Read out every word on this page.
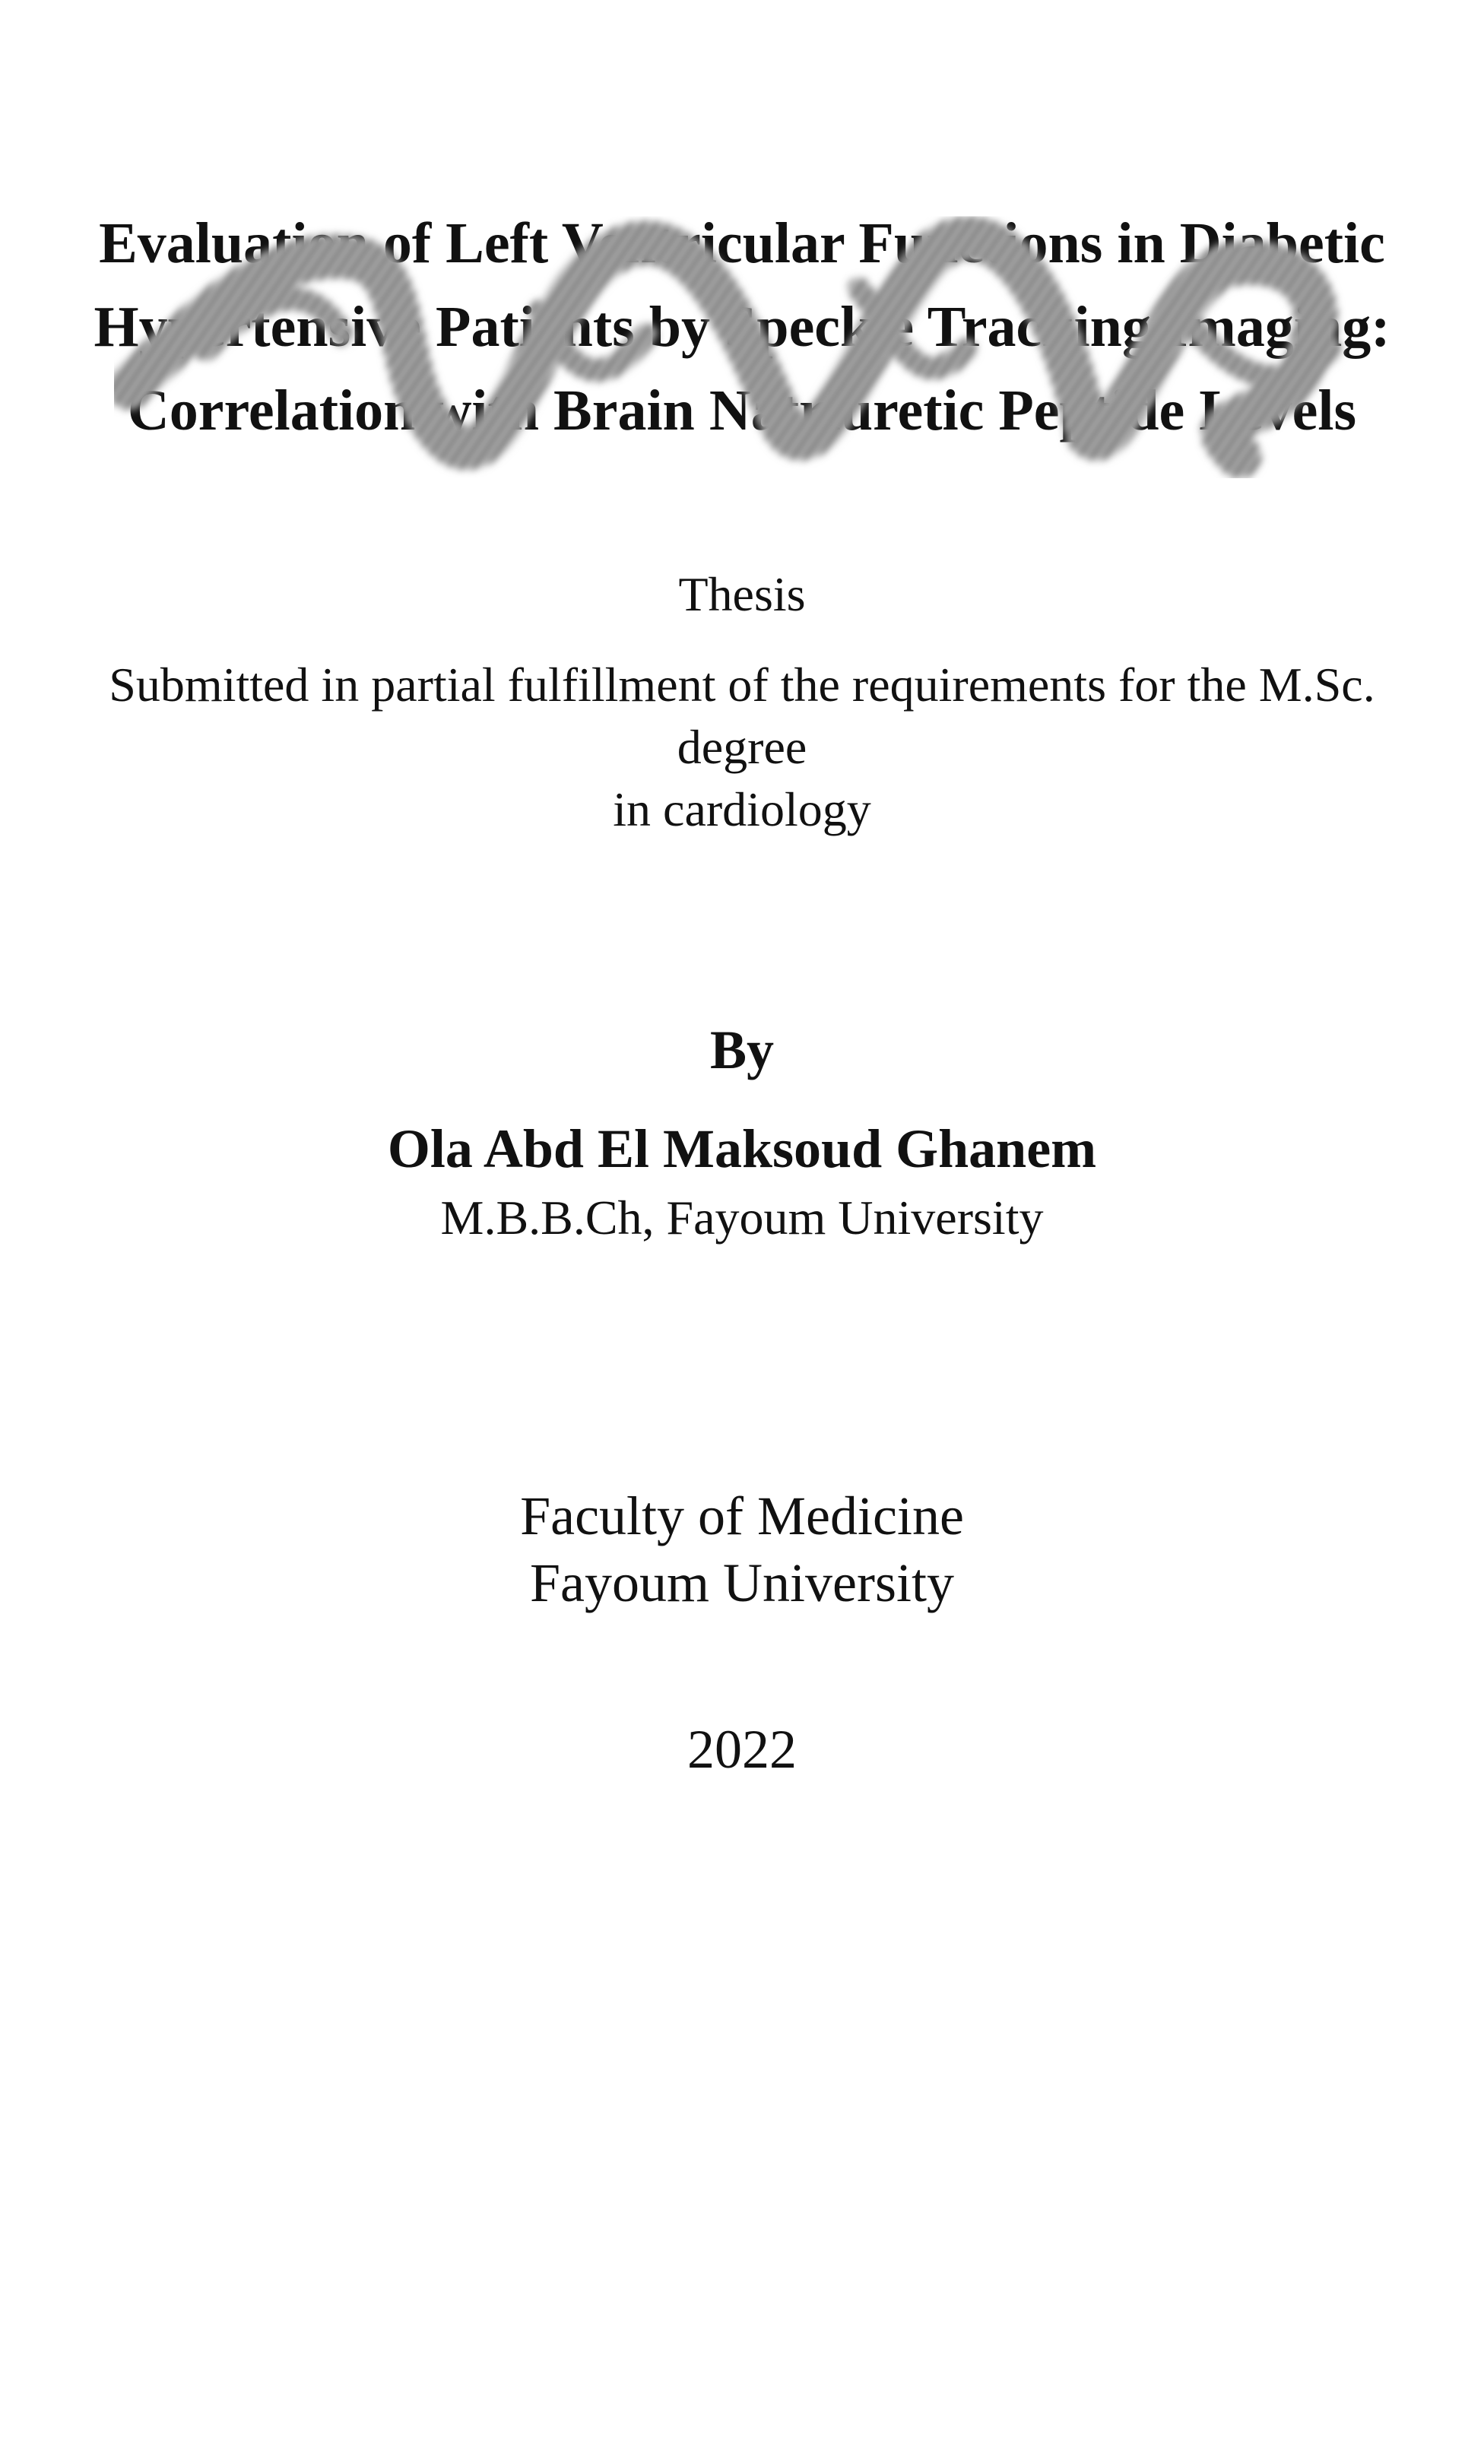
Evaluation of Left Ventricular Functions in Diabetic
Hypertensive Patients by Speckle Tracking Imaging:
Correlation with Brain Natriuretic Peptide Levels
Thesis
Submitted in partial fulfillment of the requirements for the M.Sc. degree
in cardiology
By
Ola Abd El Maksoud Ghanem
M.B.B.Ch, Fayoum University
Faculty of Medicine
Fayoum University
2022
